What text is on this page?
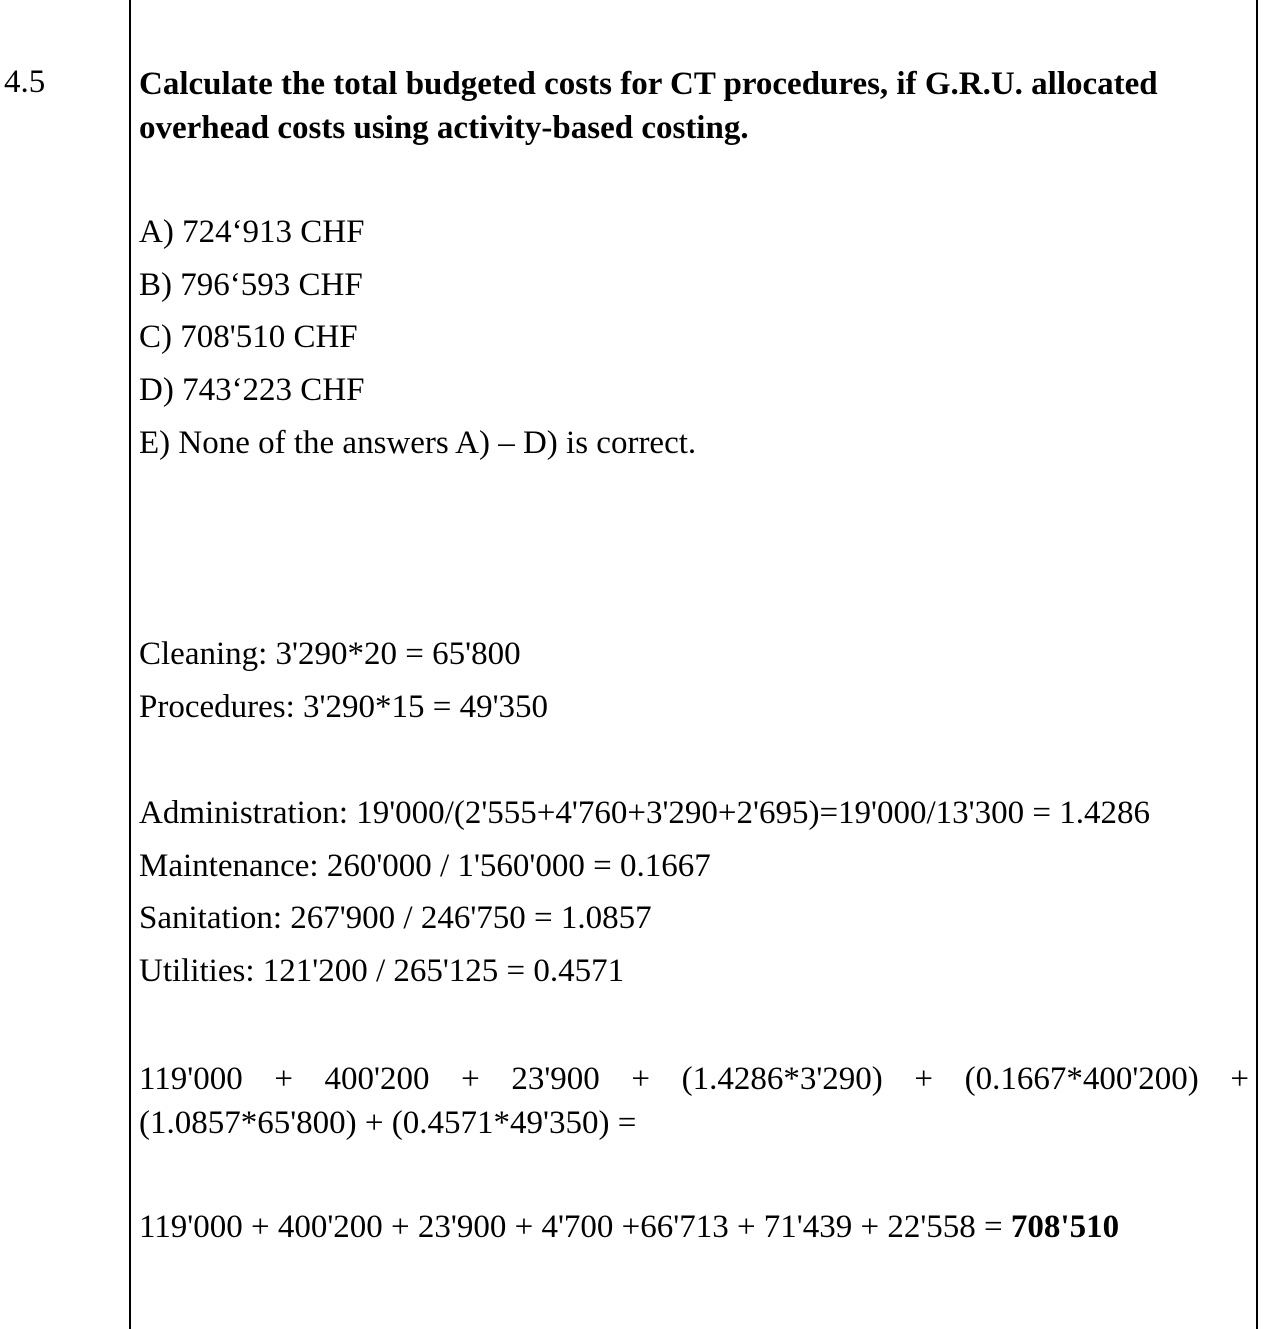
4.5	Calculate the total budgeted costs for CT procedures, if G.R.U. allocated overhead costs using activity-based costing.
A) 724‘913 CHF
B) 796‘593 CHF
C) 708'510 CHF
D) 743‘223 CHF
E) None of the answers A) – D) is correct.
Cleaning: 3'290*20 = 65'800
Procedures: 3'290*15 = 49'350
Administration: 19'000/(2'555+4'760+3'290+2'695)=19'000/13'300 = 1.4286
Maintenance: 260'000 / 1'560'000 = 0.1667
Sanitation: 267'900 / 246'750 = 1.0857
Utilities: 121'200 / 265'125 = 0.4571
119'000 + 400'200 + 23'900 + (1.4286*3'290) + (0.1667*400'200) +
(1.0857*65'800) + (0.4571*49'350) =
119'000 + 400'200 + 23'900 + 4'700 +66'713 + 71'439 + 22'558 = 708'510
